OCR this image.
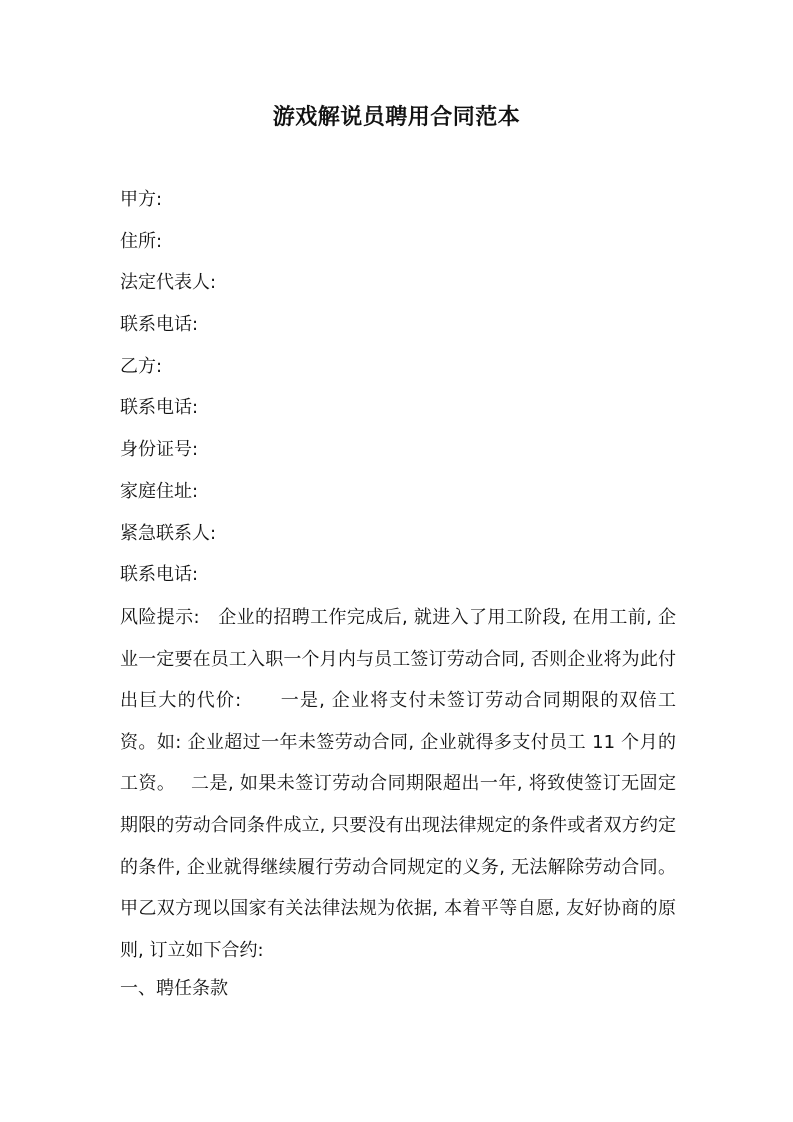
游戏解说员聘用合同范本
甲方:
住所:
法定代表人:
联系电话:
乙方:
联系电话:
身份证号:
家庭住址:
紧急联系人:
联系电话:

风险提示:　企业的招聘工作完成后, 就进入了用工阶段, 在用工前, 企业一定要在员工入职一个月内与员工签订劳动合同, 否则企业将为此付出巨大的代价:　　一是, 企业将支付未签订劳动合同期限的双倍工资。如: 企业超过一年未签劳动合同, 企业就得多支付员工 11 个月的工资。　 二是, 如果未签订劳动合同期限超出一年, 将致使签订无固定期限的劳动合同条件成立, 只要没有出现法律规定的条件或者双方约定的条件, 企业就得继续履行劳动合同规定的义务, 无法解除劳动合同。 甲乙双方现以国家有关法律法规为依据, 本着平等自愿, 友好协商的原则, 订立如下合约:

一、聘任条款
